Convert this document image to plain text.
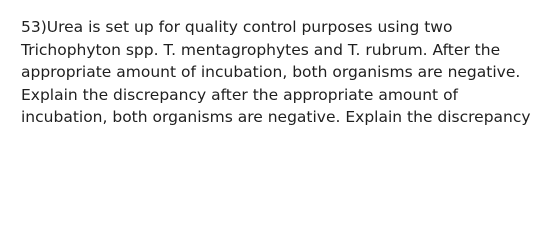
53)Urea is set up for quality control purposes using two Trichophyton spp. T. mentagrophytes and T. rubrum. After the appropriate amount of incubation, both organisms are negative. Explain the discrepancy after the appropriate amount of incubation, both organisms are negative. Explain the discrepancy
